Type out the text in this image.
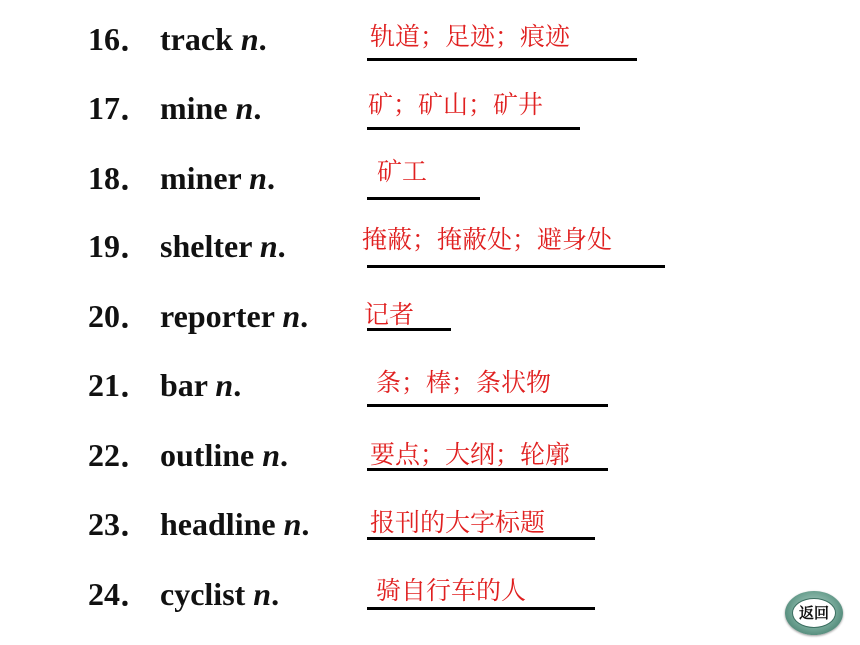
16． track n.	轨道；足迹；痕迹
17． mine n.	矿；矿山；矿井
18． miner n.	矿工
19． shelter n.	掩蔽；掩蔽处；避身处
20． reporter n. 记者
21． bar n.	条；棒；条状物
22． outline n.	要点；大纲；轮廓
23． headline n. 报刊的大字标题
24． cyclist n.	骑自行车的人
返回
